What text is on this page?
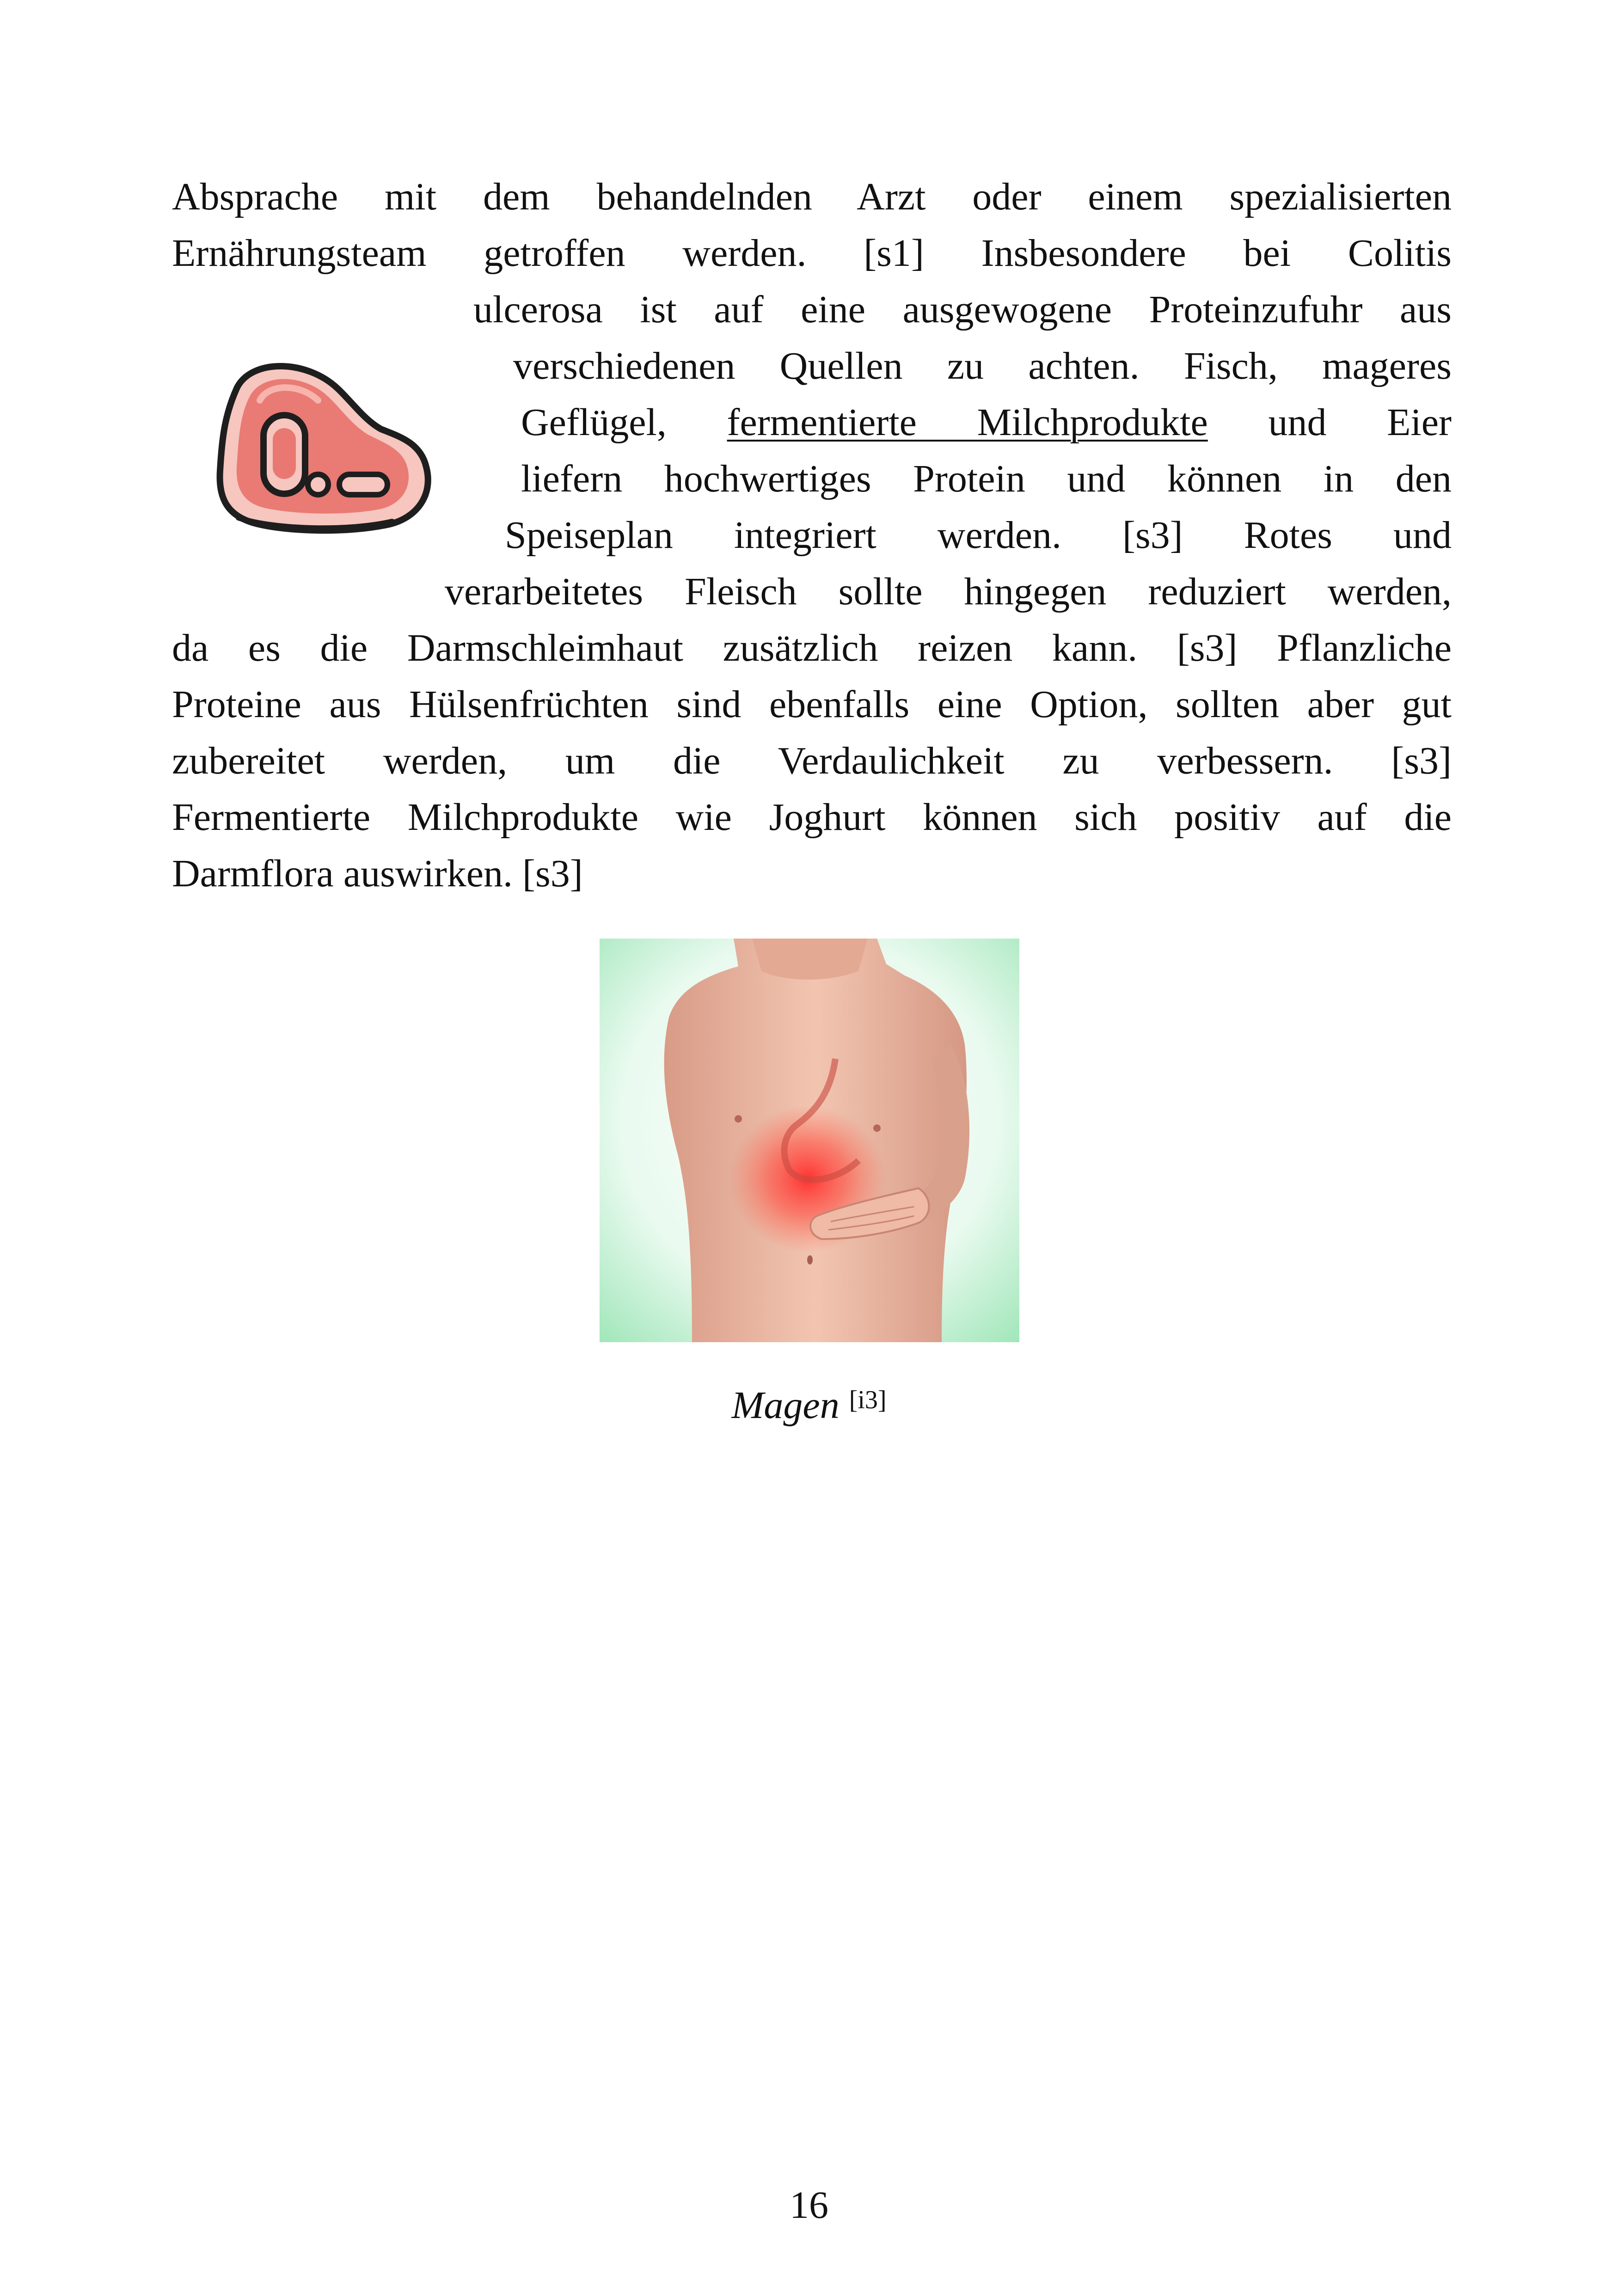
Absprache mit dem behandelnden Arzt oder einem spezialisierten
Ernährungsteam getroffen werden. [s1] Insbesondere bei Colitis
ulcerosa ist auf eine ausgewogene Proteinzufuhr aus
verschiedenen Quellen zu achten. Fisch, mageres
Geflügel, fermentierte Milchprodukte und Eier
liefern hochwertiges Protein und können in den
Speiseplan integriert werden. [s3] Rotes und
verarbeitetes Fleisch sollte hingegen reduziert werden,
da es die Darmschleimhaut zusätzlich reizen kann. [s3] Pflanzliche
Proteine aus Hülsenfrüchten sind ebenfalls eine Option, sollten aber gut
zubereitet werden, um die Verdaulichkeit zu verbessern. [s3]
Fermentierte Milchprodukte wie Joghurt können sich positiv auf die
Darmflora auswirken. [s3]
Magen [i3]
16
